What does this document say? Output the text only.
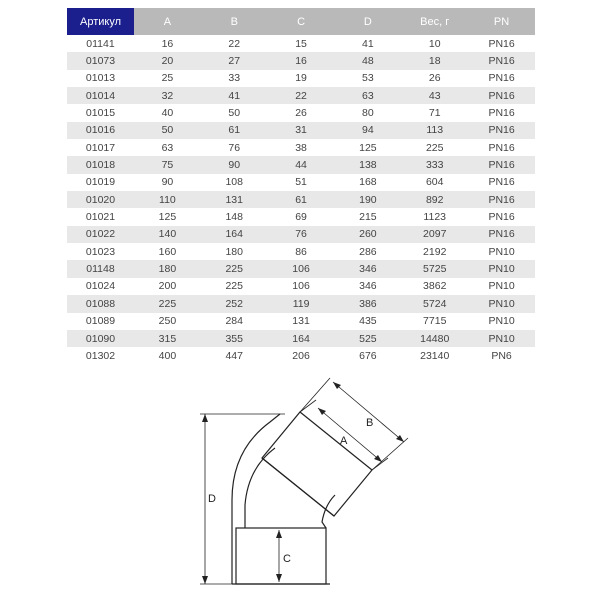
Артикул	A	B	C	D	Вес, г	PN
01141	16	22	15	41	10	PN16
01073	20	27	16	48	18	PN16
01013	25	33	19	53	26	PN16
01014	32	41	22	63	43	PN16
01015	40	50	26	80	71	PN16
01016	50	61	31	94	113	PN16
01017	63	76	38	125	225	PN16
01018	75	90	44	138	333	PN16
01019	90	108	51	168	604	PN16
01020	110	131	61	190	892	PN16
01021	125	148	69	215	1123	PN16
01022	140	164	76	260	2097	PN16
01023	160	180	86	286	2192	PN10
01148	180	225	106	346	5725	PN10
01024	200	225	106	346	3862	PN10
01088	225	252	119	386	5724	PN10
01089	250	284	131	435	7715	PN10
01090	315	355	164	525	14480	PN10
01302	400	447	206	676	23140	PN6
A
B
C
D
